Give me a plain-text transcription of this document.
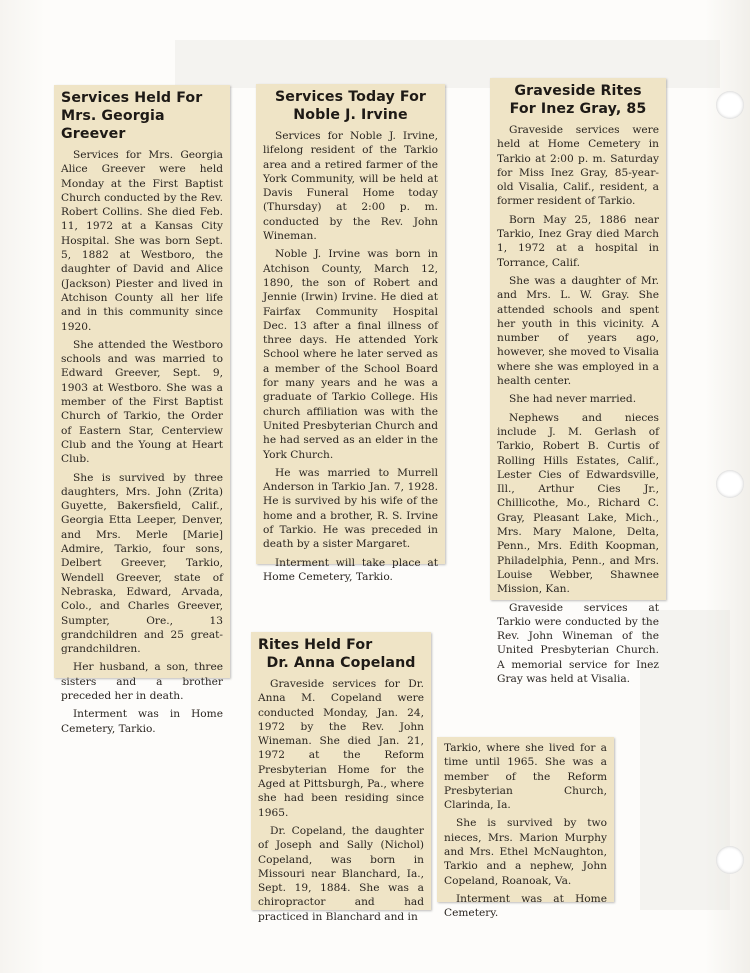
Services Held For
Mrs. Georgia Greever

Services for Mrs. Georgia Alice Greever were held Monday at the First Baptist Church conducted by the Rev. Robert Collins. She died Feb. 11, 1972 at a Kansas City Hospital. She was born Sept. 5, 1882 at Westboro, the daughter of David and Alice (Jackson) Piester and lived in Atchison County all her life and in this community since 1920.

She attended the Westboro schools and was married to Edward Greever, Sept. 9, 1903 at Westboro. She was a member of the First Baptist Church of Tarkio, the Order of Eastern Star, Centerview Club and the Young at Heart Club.

She is survived by three daughters, Mrs. John (Zrita) Guyette, Bakersfield, Calif., Georgia Etta Leeper, Denver, and Mrs. Merle [Marie] Admire, Tarkio, four sons, Delbert Greever, Tarkio, Wendell Greever, state of Nebraska, Edward, Arvada, Colo., and Charles Greever, Sumpter, Ore., 13 grandchildren and 25 great-grandchildren.

Her husband, a son, three sisters and a brother preceded her in death.

Interment was in Home Cemetery, Tarkio.

Services Today For
Noble J. Irvine

Services for Noble J. Irvine, lifelong resident of the Tarkio area and a retired farmer of the York Community, will be held at Davis Funeral Home today (Thursday) at 2:00 p. m. conducted by the Rev. John Wineman.

Noble J. Irvine was born in Atchison County, March 12, 1890, the son of Robert and Jennie (Irwin) Irvine. He died at Fairfax Community Hospital Dec. 13 after a final illness of three days. He attended York School where he later served as a member of the School Board for many years and he was a graduate of Tarkio College. His church affiliation was with the United Presbyterian Church and he had served as an elder in the York Church.

He was married to Murrell Anderson in Tarkio Jan. 7, 1928. He is survived by his wife of the home and a brother, R. S. Irvine of Tarkio. He was preceded in death by a sister Margaret.

Interment will take place at Home Cemetery, Tarkio.

Graveside Rites
For Inez Gray, 85

Graveside services were held at Home Cemetery in Tarkio at 2:00 p. m. Saturday for Miss Inez Gray, 85-year-old Visalia, Calif., resident, a former resident of Tarkio.

Born May 25, 1886 near Tarkio, Inez Gray died March 1, 1972 at a hospital in Torrance, Calif.

She was a daughter of Mr. and Mrs. L. W. Gray. She attended schools and spent her youth in this vicinity. A number of years ago, however, she moved to Visalia where she was employed in a health center.

She had never married.

Nephews and nieces include J. M. Gerlash of Tarkio, Robert B. Curtis of Rolling Hills Estates, Calif., Lester Cies of Edwardsville, Ill., Arthur Cies Jr., Chillicothe, Mo., Richard C. Gray, Pleasant Lake, Mich., Mrs. Mary Malone, Delta, Penn., Mrs. Edith Koopman, Philadelphia, Penn., and Mrs. Louise Webber, Shawnee Mission, Kan.

Graveside services at Tarkio were conducted by the Rev. John Wineman of the United Presbyterian Church. A memorial service for Inez Gray was held at Visalia.

Rites Held For
Dr. Anna Copeland

Graveside services for Dr. Anna M. Copeland were conducted Monday, Jan. 24, 1972 by the Rev. John Wineman. She died Jan. 21, 1972 at the Reform Presbyterian Home for the Aged at Pittsburgh, Pa., where she had been residing since 1965.

Dr. Copeland, the daughter of Joseph and Sally (Nichol) Copeland, was born in Missouri near Blanchard, Ia., Sept. 19, 1884. She was a chiropractor and had practiced in Blanchard and in

Tarkio, where she lived for a time until 1965. She was a member of the Reform Presbyterian Church, Clarinda, Ia.

She is survived by two nieces, Mrs. Marion Murphy and Mrs. Ethel McNaughton, Tarkio and a nephew, John Copeland, Roanoak, Va.

Interment was at Home Cemetery.
